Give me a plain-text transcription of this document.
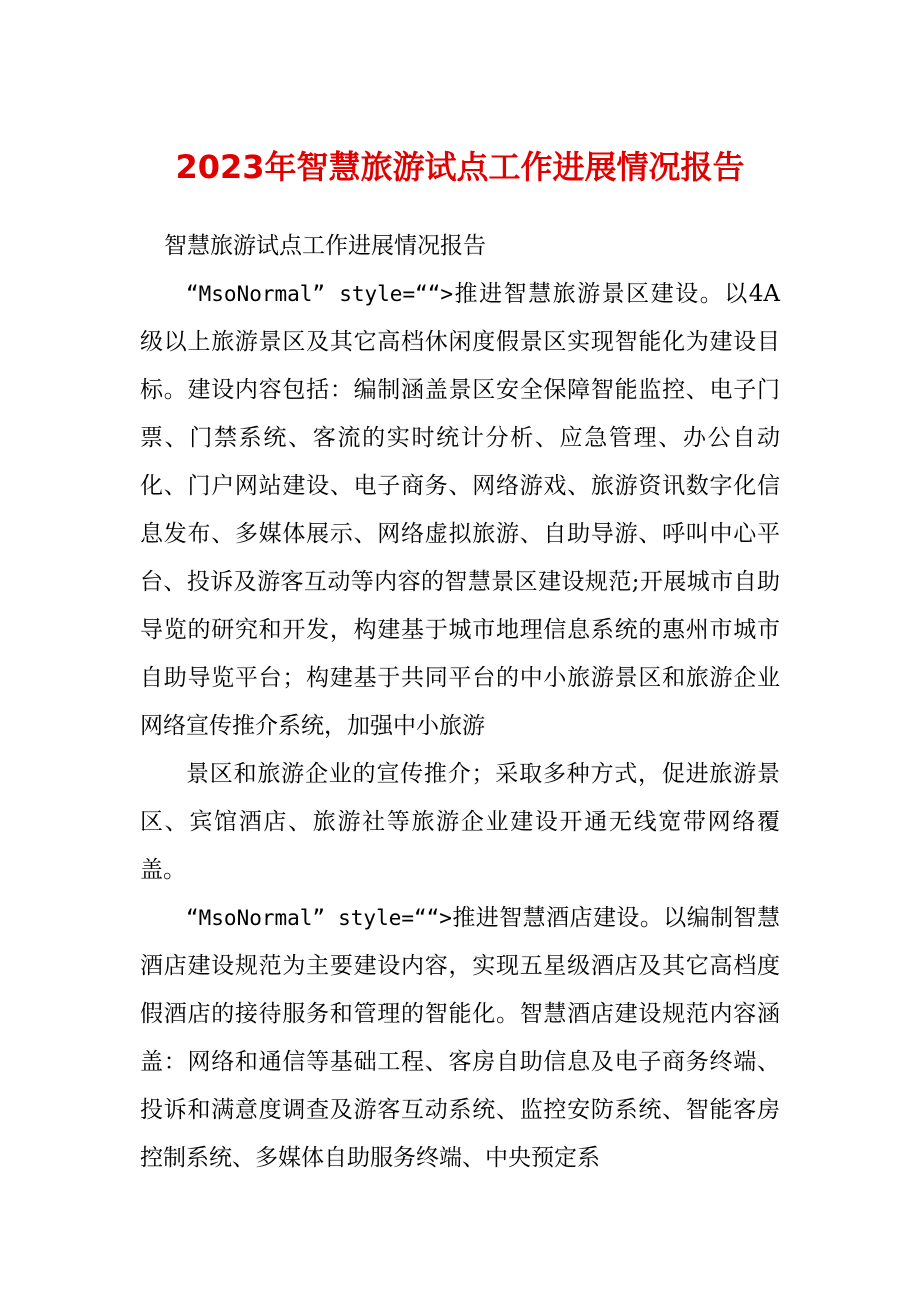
2023年智慧旅游试点工作进展情况报告

智慧旅游试点工作进展情况报告

“MsoNormal” style=““>推进智慧旅游景区建设。以4A级以上旅游景区及其它高档休闲度假景区实现智能化为建设目标。建设内容包括：编制涵盖景区安全保障智能监控、电子门票、门禁系统、客流的实时统计分析、应急管理、办公自动化、门户网站建设、电子商务、网络游戏、旅游资讯数字化信息发布、多媒体展示、网络虚拟旅游、自助导游、呼叫中心平台、投诉及游客互动等内容的智慧景区建设规范;开展城市自助导览的研究和开发，构建基于城市地理信息系统的惠州市城市自助导览平台；构建基于共同平台的中小旅游景区和旅游企业网络宣传推介系统，加强中小旅游

景区和旅游企业的宣传推介；采取多种方式，促进旅游景区、宾馆酒店、旅游社等旅游企业建设开通无线宽带网络覆盖。

“MsoNormal” style=““>推进智慧酒店建设。以编制智慧酒店建设规范为主要建设内容，实现五星级酒店及其它高档度假酒店的接待服务和管理的智能化。智慧酒店建设规范内容涵盖：网络和通信等基础工程、客房自助信息及电子商务终端、投诉和满意度调查及游客互动系统、监控安防系统、智能客房控制系统、多媒体自助服务终端、中央预定系
